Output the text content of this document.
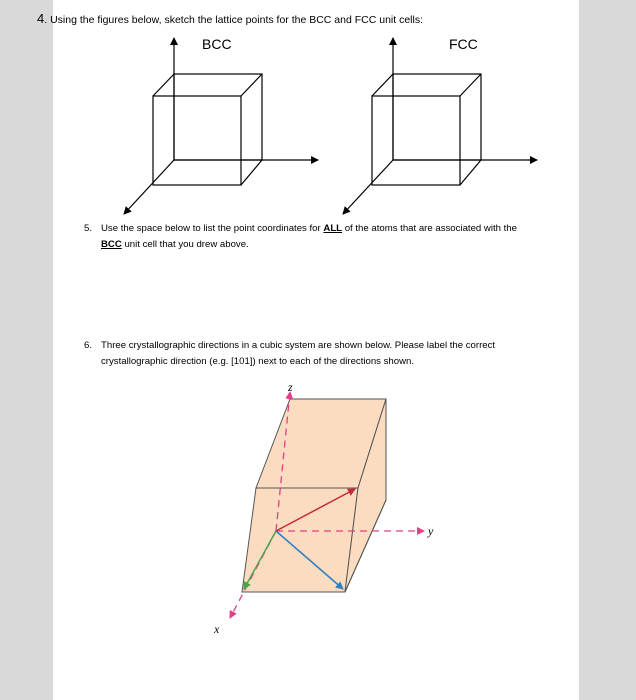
4. Using the figures below, sketch the lattice points for the BCC and FCC unit cells:
BCC	FCC
5. Use the space below to list the point coordinates for ALL of the atoms that are associated with the
BCC unit cell that you drew above.
6. Three crystallographic directions in a cubic system are shown below. Please label the correct
crystallographic direction (e.g. [101]) next to each of the directions shown.
z
y
x
